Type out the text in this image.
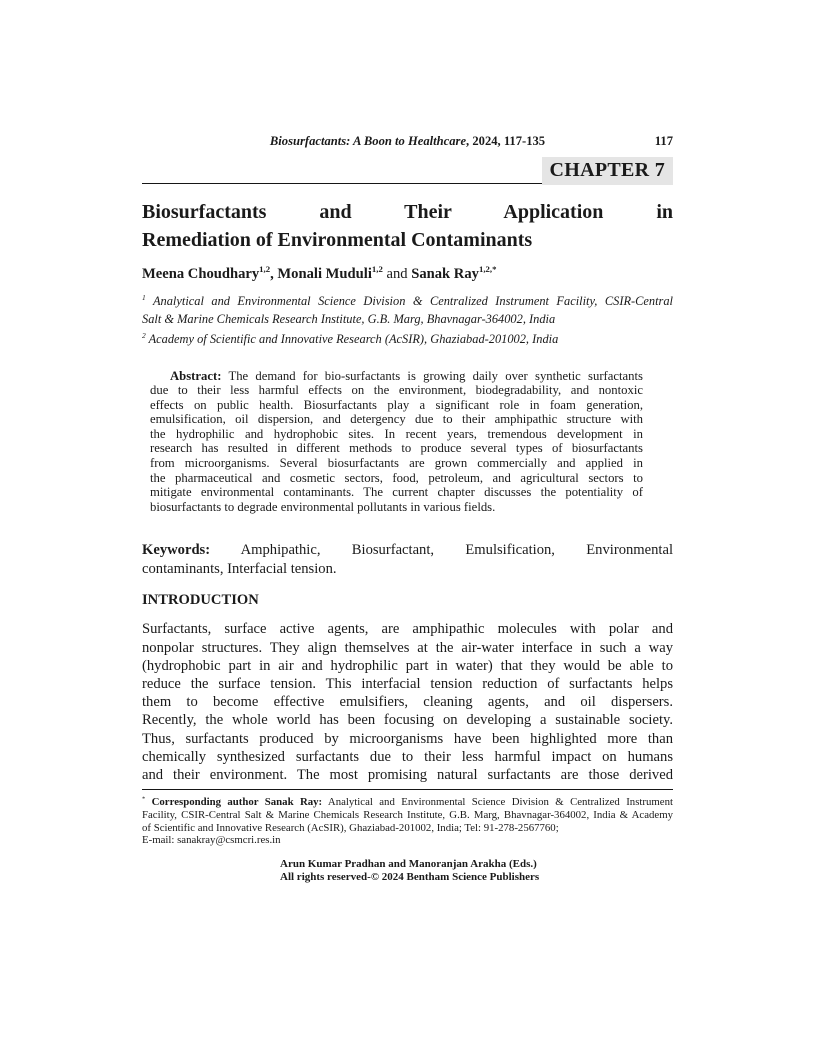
Biosurfactants: A Boon to Healthcare, 2024, 117-135	117
CHAPTER 7
Biosurfactants and Their Application in
Remediation of Environmental Contaminants
Meena Choudhary$^{1,2}$, Monali Muduli$^{1,2}$ and Sanak Ray$^{1,2,*}$
$^1$ Analytical and Environmental Science Division & Centralized Instrument Facility, CSIR-Central
Salt & Marine Chemicals Research Institute, G.B. Marg, Bhavnagar-364002, India
$^2$ Academy of Scientific and Innovative Research (AcSIR), Ghaziabad-201002, India
Abstract: The demand for bio-surfactants is growing daily over synthetic surfactants
due to their less harmful effects on the environment, biodegradability, and nontoxic
effects on public health. Biosurfactants play a significant role in foam generation,
emulsification, oil dispersion, and detergency due to their amphipathic structure with
the hydrophilic and hydrophobic sites. In recent years, tremendous development in
research has resulted in different methods to produce several types of biosurfactants
from microorganisms. Several biosurfactants are grown commercially and applied in
the pharmaceutical and cosmetic sectors, food, petroleum, and agricultural sectors to
mitigate environmental contaminants. The current chapter discusses the potentiality of
biosurfactants to degrade environmental pollutants in various fields.
Keywords: Amphipathic, Biosurfactant, Emulsification, Environmental
contaminants, Interfacial tension.
INTRODUCTION
Surfactants, surface active agents, are amphipathic molecules with polar and
nonpolar structures. They align themselves at the air-water interface in such a way
(hydrophobic part in air and hydrophilic part in water) that they would be able to
reduce the surface tension. This interfacial tension reduction of surfactants helps
them to become effective emulsifiers, cleaning agents, and oil dispersers.
Recently, the whole world has been focusing on developing a sustainable society.
Thus, surfactants produced by microorganisms have been highlighted more than
chemically synthesized surfactants due to their less harmful impact on humans
and their environment. The most promising natural surfactants are those derived
* Corresponding author Sanak Ray: Analytical and Environmental Science Division & Centralized Instrument
Facility, CSIR-Central Salt & Marine Chemicals Research Institute, G.B. Marg, Bhavnagar-364002, India & Academy
of Scientific and Innovative Research (AcSIR), Ghaziabad-201002, India; Tel: 91-278-2567760;
E-mail: sanakray@csmcri.res.in
Arun Kumar Pradhan and Manoranjan Arakha (Eds.)
All rights reserved-© 2024 Bentham Science Publishers
